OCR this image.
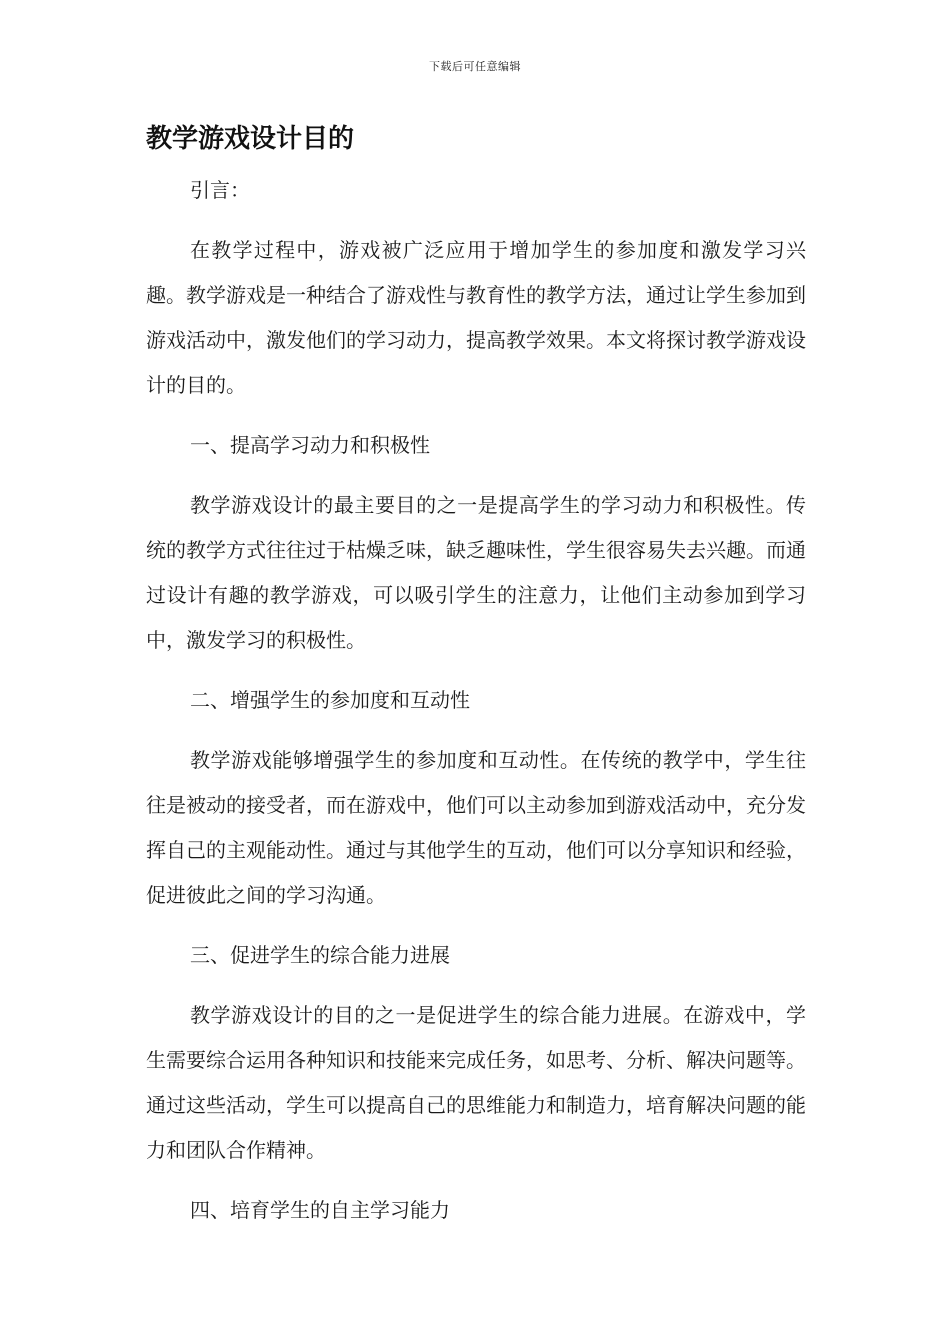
下载后可任意编辑
教学游戏设计目的

引言：

在教学过程中，游戏被广泛应用于增加学生的参加度和激发学习兴趣。教学游戏是一种结合了游戏性与教育性的教学方法，通过让学生参加到游戏活动中，激发他们的学习动力，提高教学效果。本文将探讨教学游戏设计的目的。

一、提高学习动力和积极性

教学游戏设计的最主要目的之一是提高学生的学习动力和积极性。传统的教学方式往往过于枯燥乏味，缺乏趣味性，学生很容易失去兴趣。而通过设计有趣的教学游戏，可以吸引学生的注意力，让他们主动参加到学习中，激发学习的积极性。

二、增强学生的参加度和互动性

教学游戏能够增强学生的参加度和互动性。在传统的教学中，学生往往是被动的接受者，而在游戏中，他们可以主动参加到游戏活动中，充分发挥自己的主观能动性。通过与其他学生的互动，他们可以分享知识和经验，促进彼此之间的学习沟通。

三、促进学生的综合能力进展

教学游戏设计的目的之一是促进学生的综合能力进展。在游戏中，学生需要综合运用各种知识和技能来完成任务，如思考、分析、解决问题等。通过这些活动，学生可以提高自己的思维能力和制造力，培育解决问题的能力和团队合作精神。

四、培育学生的自主学习能力
